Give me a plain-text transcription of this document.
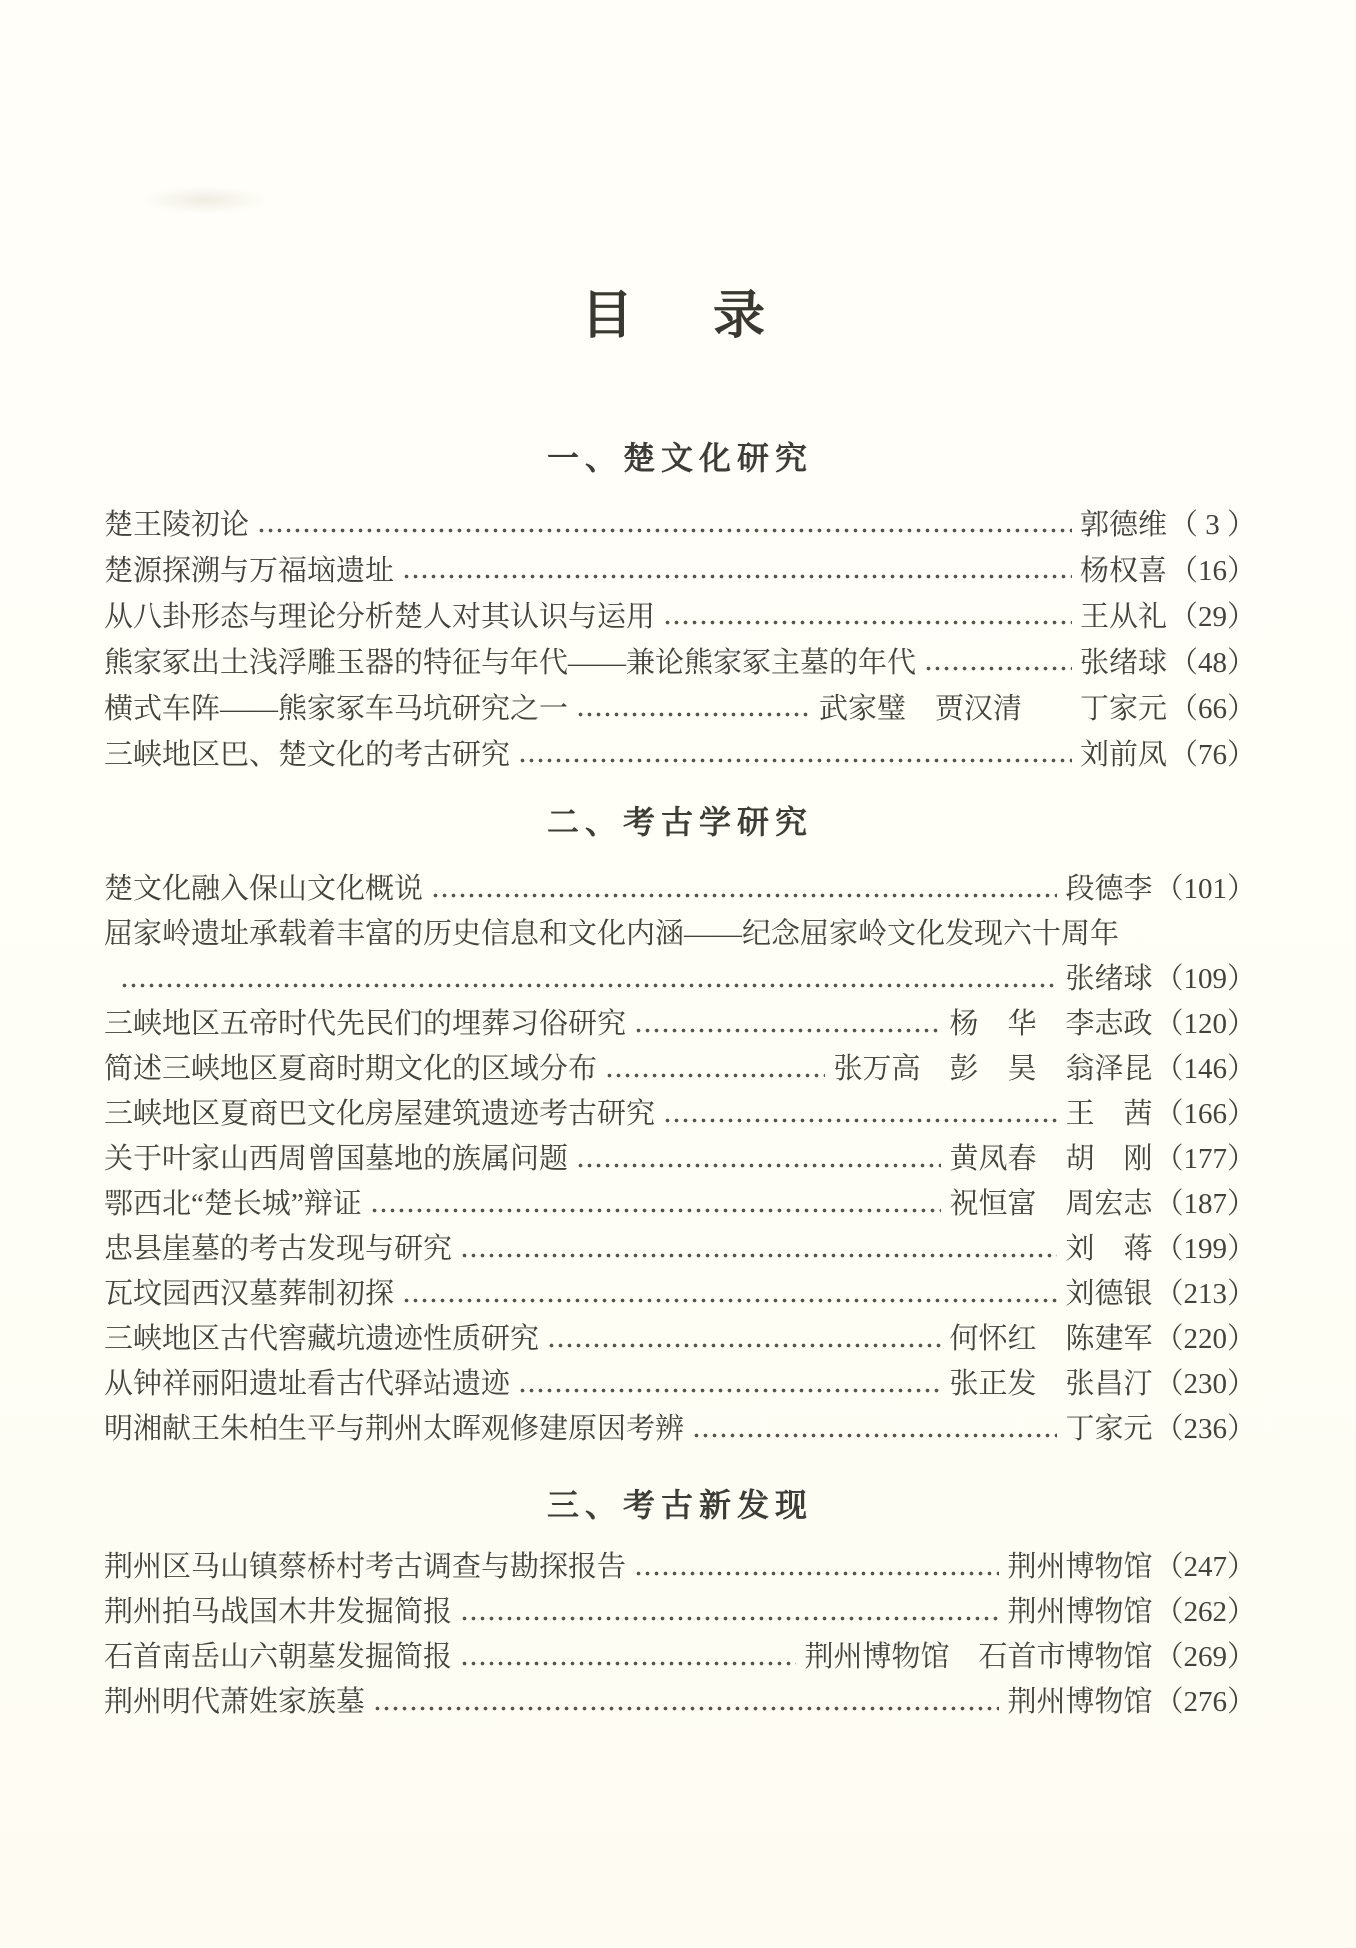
目　录
一、楚文化研究
楚王陵初论	郭德维 （ 3 ）
楚源探溯与万福垴遗址	杨权喜 （16）
从八卦形态与理论分析楚人对其认识与运用	王从礼 （29）
熊家冢出土浅浮雕玉器的特征与年代——兼论熊家冢主墓的年代	张绪球 （48）
横式车阵——熊家冢车马坑研究之一	武家璧　贾汉清　　丁家元 （66）
三峡地区巴、楚文化的考古研究	刘前凤 （76）
二、考古学研究
楚文化融入保山文化概说	段德李 （101）
屈家岭遗址承载着丰富的历史信息和文化内涵——纪念屈家岭文化发现六十周年
张绪球 （109）
三峡地区五帝时代先民们的埋葬习俗研究	杨　华　李志政 （120）
简述三峡地区夏商时期文化的区域分布	张万高　彭　昊　翁泽昆 （146）
三峡地区夏商巴文化房屋建筑遗迹考古研究	王　茜 （166）
关于叶家山西周曾国墓地的族属问题	黄凤春　胡　刚 （177）
鄂西北“楚长城”辩证	祝恒富　周宏志 （187）
忠县崖墓的考古发现与研究	刘　蒋 （199）
瓦坟园西汉墓葬制初探	刘德银 （213）
三峡地区古代窖藏坑遗迹性质研究	何怀红　陈建军 （220）
从钟祥丽阳遗址看古代驿站遗迹	张正发　张昌汀 （230）
明湘献王朱柏生平与荆州太晖观修建原因考辨	丁家元 （236）
三、考古新发现
荆州区马山镇蔡桥村考古调查与勘探报告	荆州博物馆 （247）
荆州拍马战国木井发掘简报	荆州博物馆 （262）
石首南岳山六朝墓发掘简报	荆州博物馆　石首市博物馆 （269）
荆州明代萧姓家族墓	荆州博物馆 （276）
